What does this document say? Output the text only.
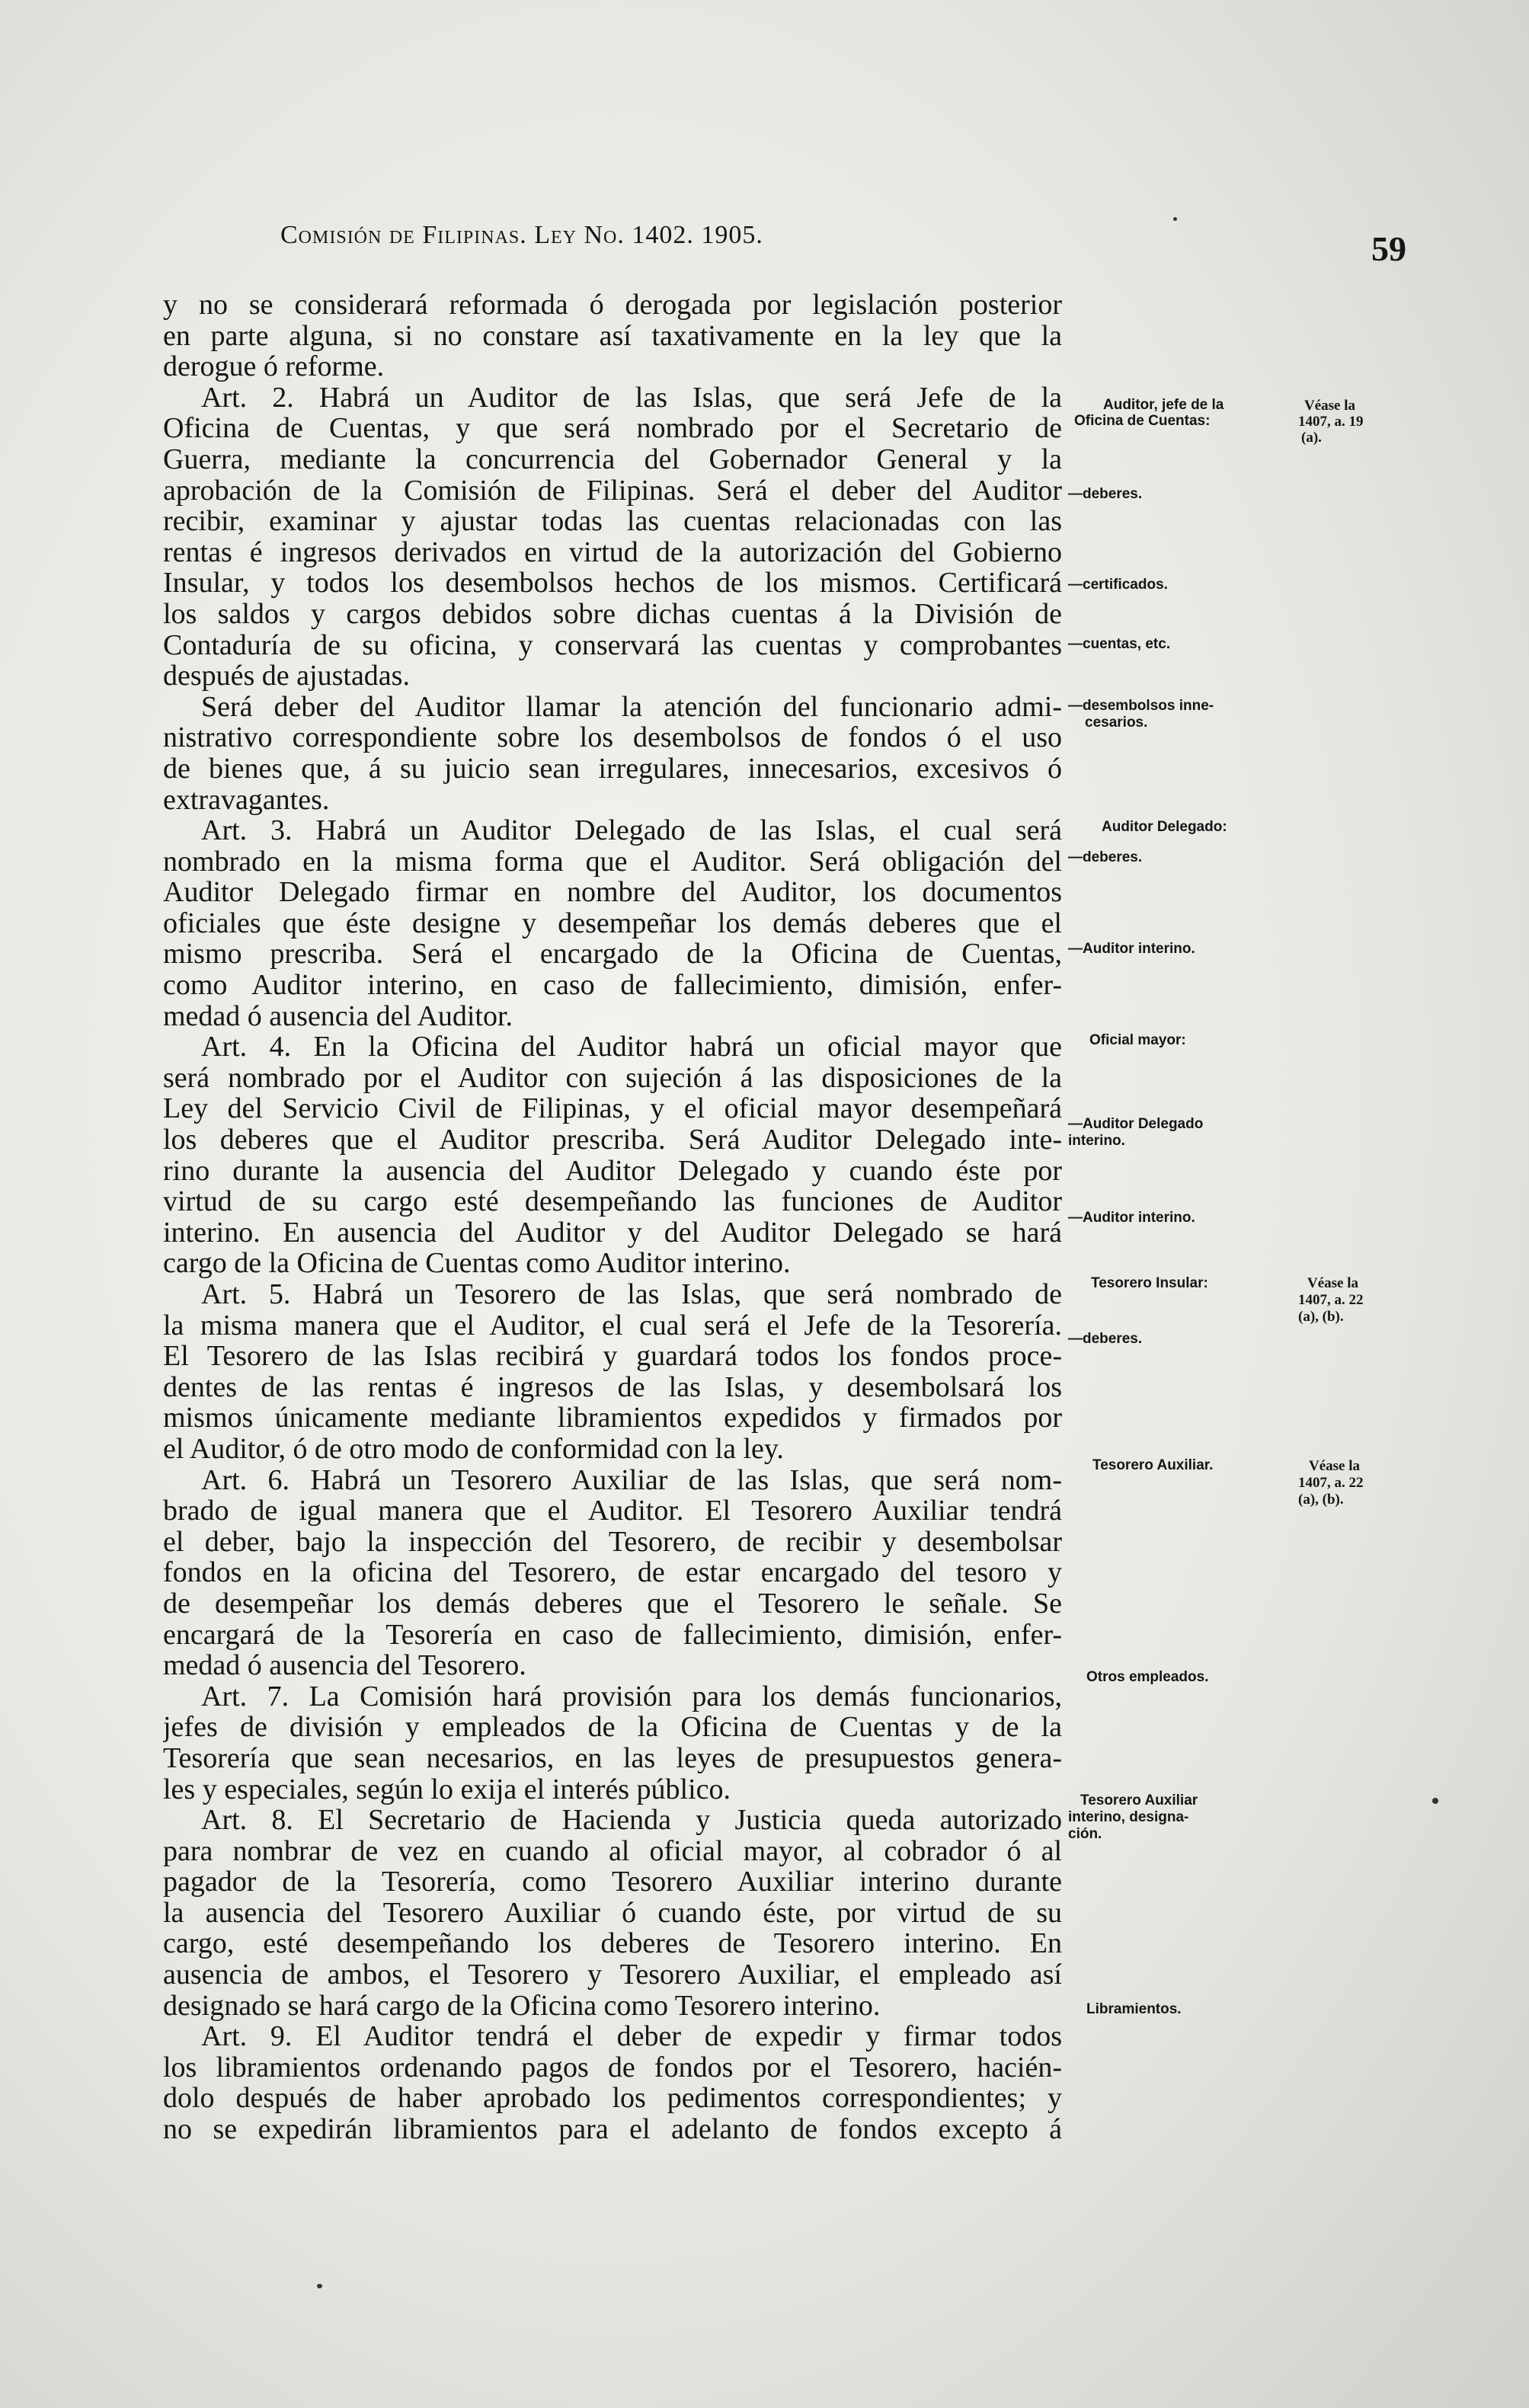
Comisión de Filipinas. Ley No. 1402. 1905.	59
y no se considerará reformada ó derogada por legislación posterior
en parte alguna, si no constare así taxativamente en la ley que la
derogue ó reforme.
Art. 2. Habrá un Auditor de las Islas, que será Jefe de la
Oficina de Cuentas, y que será nombrado por el Secretario de
Guerra, mediante la concurrencia del Gobernador General y la
aprobación de la Comisión de Filipinas. Será el deber del Auditor
recibir, examinar y ajustar todas las cuentas relacionadas con las
rentas é ingresos derivados en virtud de la autorización del Gobierno
Insular, y todos los desembolsos hechos de los mismos. Certificará
los saldos y cargos debidos sobre dichas cuentas á la División de
Contaduría de su oficina, y conservará las cuentas y comprobantes
después de ajustadas.
Será deber del Auditor llamar la atención del funcionario admi-
nistrativo correspondiente sobre los desembolsos de fondos ó el uso
de bienes que, á su juicio sean irregulares, innecesarios, excesivos ó
extravagantes.
Art. 3. Habrá un Auditor Delegado de las Islas, el cual será
nombrado en la misma forma que el Auditor. Será obligación del
Auditor Delegado firmar en nombre del Auditor, los documentos
oficiales que éste designe y desempeñar los demás deberes que el
mismo prescriba. Será el encargado de la Oficina de Cuentas,
como Auditor interino, en caso de fallecimiento, dimisión, enfer-
medad ó ausencia del Auditor.
Art. 4. En la Oficina del Auditor habrá un oficial mayor que
será nombrado por el Auditor con sujeción á las disposiciones de la
Ley del Servicio Civil de Filipinas, y el oficial mayor desempeñará
los deberes que el Auditor prescriba. Será Auditor Delegado inte-
rino durante la ausencia del Auditor Delegado y cuando éste por
virtud de su cargo esté desempeñando las funciones de Auditor
interino. En ausencia del Auditor y del Auditor Delegado se hará
cargo de la Oficina de Cuentas como Auditor interino.
Art. 5. Habrá un Tesorero de las Islas, que será nombrado de
la misma manera que el Auditor, el cual será el Jefe de la Tesorería.
El Tesorero de las Islas recibirá y guardará todos los fondos proce-
dentes de las rentas é ingresos de las Islas, y desembolsará los
mismos únicamente mediante libramientos expedidos y firmados por
el Auditor, ó de otro modo de conformidad con la ley.
Art. 6. Habrá un Tesorero Auxiliar de las Islas, que será nom-
brado de igual manera que el Auditor. El Tesorero Auxiliar tendrá
el deber, bajo la inspección del Tesorero, de recibir y desembolsar
fondos en la oficina del Tesorero, de estar encargado del tesoro y
de desempeñar los demás deberes que el Tesorero le señale. Se
encargará de la Tesorería en caso de fallecimiento, dimisión, enfer-
medad ó ausencia del Tesorero.
Art. 7. La Comisión hará provisión para los demás funcionarios,
jefes de división y empleados de la Oficina de Cuentas y de la
Tesorería que sean necesarios, en las leyes de presupuestos genera-
les y especiales, según lo exija el interés público.
Art. 8. El Secretario de Hacienda y Justicia queda autorizado
para nombrar de vez en cuando al oficial mayor, al cobrador ó al
pagador de la Tesorería, como Tesorero Auxiliar interino durante
la ausencia del Tesorero Auxiliar ó cuando éste, por virtud de su
cargo, esté desempeñando los deberes de Tesorero interino. En
ausencia de ambos, el Tesorero y Tesorero Auxiliar, el empleado así
designado se hará cargo de la Oficina como Tesorero interino.
Art. 9. El Auditor tendrá el deber de expedir y firmar todos
los libramientos ordenando pagos de fondos por el Tesorero, hacién-
dolo después de haber aprobado los pedimentos correspondientes; y
no se expedirán libramientos para el adelanto de fondos excepto á
Auditor, jefe de la
Oficina de Cuentas:
—deberes.
—certificados.
—cuentas, etc.
—desembolsos inne-
cesarios.
Auditor Delegado:
—deberes.
—Auditor interino.
Oficial mayor:
—Auditor Delegado
interino.
—Auditor interino.
Tesorero Insular:
—deberes.
Tesorero Auxiliar.
Otros empleados.
Tesorero Auxiliar
interino, designa-
ción.
Libramientos.
Véase la
1407, a. 19
(a).
Véase la
1407, a. 22
(a), (b).
Véase la
1407, a. 22
(a), (b).
